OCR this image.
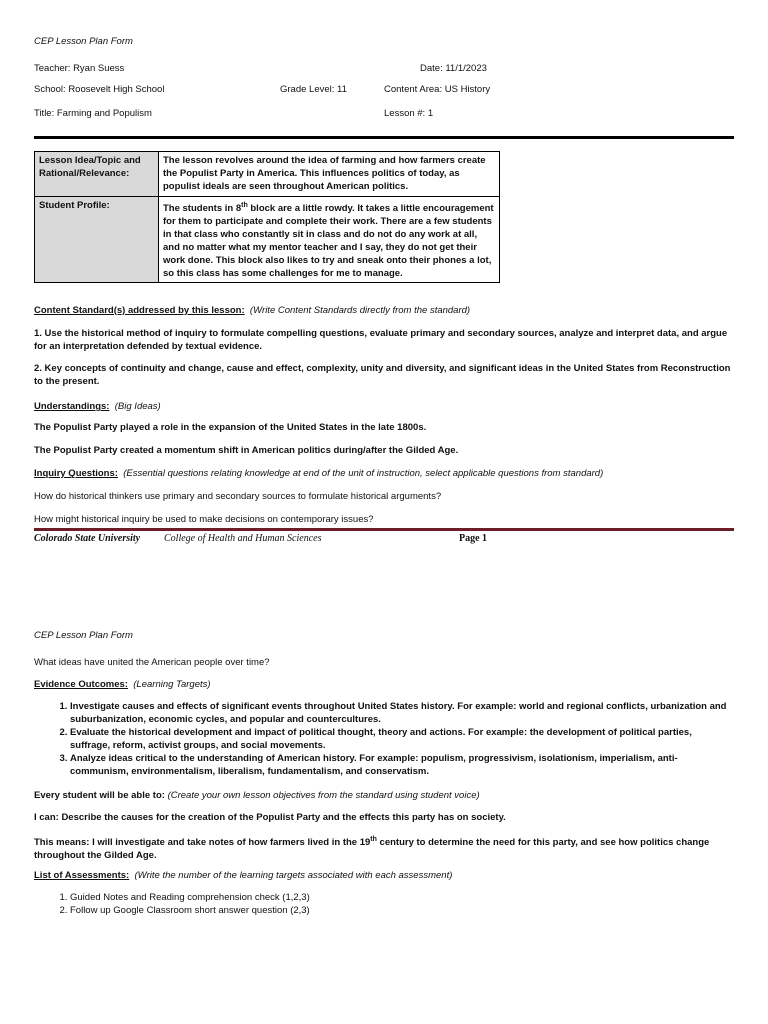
CEP Lesson Plan Form
Teacher: Ryan Suess	Date: 11/1/2023
School: Roosevelt High School	Grade Level: 11	Content Area: US History
Title: Farming and Populism	Lesson #: 1
Lesson Idea/Topic and Rational/Relevance:	The lesson revolves around the idea of farming and how farmers create the Populist Party in America. This influences politics of today, as populist ideals are seen throughout American politics.
Student Profile:	The students in 8th block are a little rowdy. It takes a little encouragement for them to participate and complete their work. There are a few students in that class who constantly sit in class and do not do any work at all, and no matter what my mentor teacher and I say, they do not get their work done. This block also likes to try and sneak onto their phones a lot, so this class has some challenges for me to manage.
Content Standard(s) addressed by this lesson: (Write Content Standards directly from the standard)
1. Use the historical method of inquiry to formulate compelling questions, evaluate primary and secondary sources, analyze and interpret data, and argue for an interpretation defended by textual evidence.
2. Key concepts of continuity and change, cause and effect, complexity, unity and diversity, and significant ideas in the United States from Reconstruction to the present.
Understandings: (Big Ideas)
The Populist Party played a role in the expansion of the United States in the late 1800s.
The Populist Party created a momentum shift in American politics during/after the Gilded Age.
Inquiry Questions: (Essential questions relating knowledge at end of the unit of instruction, select applicable questions from standard)
How do historical thinkers use primary and secondary sources to formulate historical arguments?
How might historical inquiry be used to make decisions on contemporary issues?
Colorado State University College of Health and Human Sciences	Page 1
CEP Lesson Plan Form
What ideas have united the American people over time?
Evidence Outcomes: (Learning Targets)
1. Investigate causes and effects of significant events throughout United States history. For example: world and regional conflicts, urbanization and suburbanization, economic cycles, and popular and countercultures.
2. Evaluate the historical development and impact of political thought, theory and actions. For example: the development of political parties, suffrage, reform, activist groups, and social movements.
3. Analyze ideas critical to the understanding of American history. For example: populism, progressivism, isolationism, imperialism, anti-communism, environmentalism, liberalism, fundamentalism, and conservatism.
Every student will be able to: (Create your own lesson objectives from the standard using student voice)
I can: Describe the causes for the creation of the Populist Party and the effects this party has on society.
This means: I will investigate and take notes of how farmers lived in the 19th century to determine the need for this party, and see how politics change throughout the Gilded Age.
List of Assessments: (Write the number of the learning targets associated with each assessment)
1. Guided Notes and Reading comprehension check (1,2,3)
2. Follow up Google Classroom short answer question (2,3)
